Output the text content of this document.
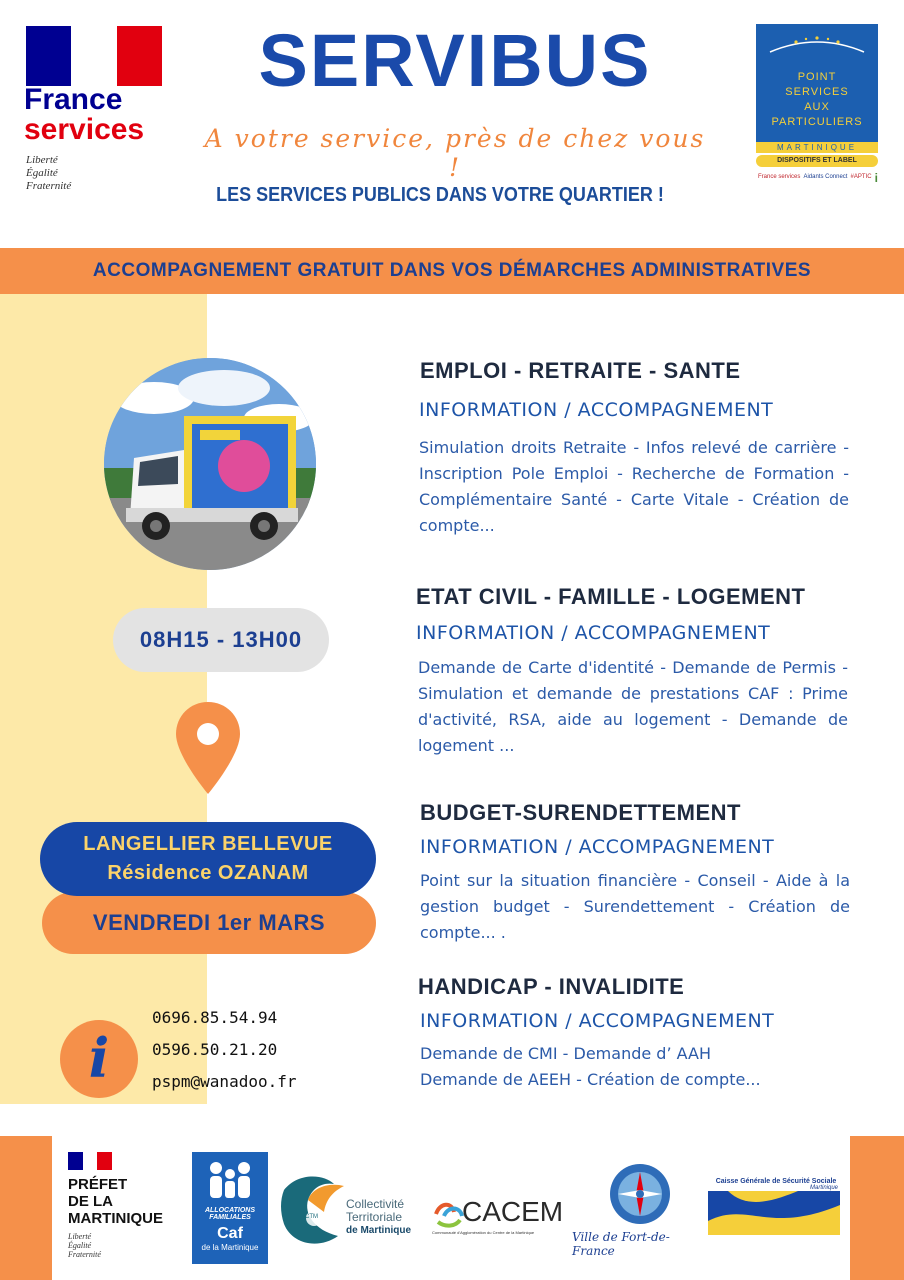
France
services
Liberté
Égalité
Fraternité
SERVIBUS
A votre service, près de chez vous !
LES SERVICES PUBLICS DANS VOTRE QUARTIER !
POINT
SERVICES
AUX
PARTICULIERS
MARTINIQUE
DISPOSITIFS ET LABEL
France services Aidants Connect #APTIC i
ACCOMPAGNEMENT GRATUIT DANS VOS DÉMARCHES ADMINISTRATIVES
08H15 - 13H00
VENDREDI 1er MARS
LANGELLIER BELLEVUE
Résidence OZANAM
i
0696.85.54.94
0596.50.21.20
pspm@wanadoo.fr
EMPLOI - RETRAITE - SANTE
INFORMATION / ACCOMPAGNEMENT
Simulation droits Retraite - Infos relevé de carrière - Inscription Pole Emploi - Recherche de Formation -Complémentaire Santé - Carte Vitale - Création de compte...
ETAT CIVIL - FAMILLE - LOGEMENT
INFORMATION / ACCOMPAGNEMENT
Demande de Carte d'identité - Demande de Permis - Simulation et demande de prestations CAF : Prime d'activité, RSA, aide au logement - Demande de logement ...
BUDGET-SURENDETTEMENT
INFORMATION / ACCOMPAGNEMENT
Point sur la situation financière - Conseil - Aide à la gestion budget - Surendettement - Création de compte... .
HANDICAP - INVALIDITE
INFORMATION / ACCOMPAGNEMENT
Demande de CMI - Demande d’ AAH
Demande de AEEH - Création de compte...
PRÉFET
DE LA
MARTINIQUE
Liberté
Égalité
Fraternité
ALLOCATIONS
FAMILIALES
Caf
de la Martinique
CTM
Collectivité
Territoriale
de Martinique
CACEM
Communauté d'Agglomération du Centre de la Martinique	Ville de Fort-de-France
Caisse Générale de Sécurité Sociale
Martinique
